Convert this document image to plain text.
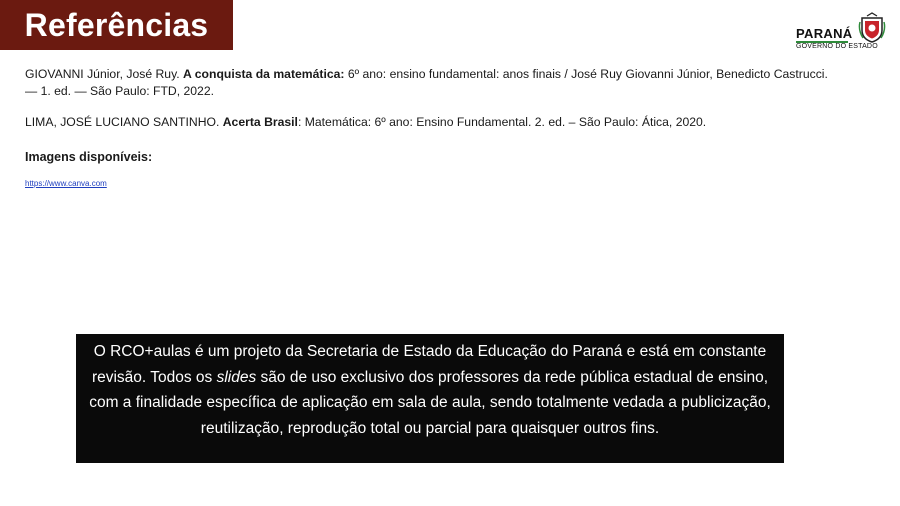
Referências	PARANÁ
GOVERNO DO ESTADO

GIOVANNI Júnior, José Ruy. A conquista da matemática: 6º ano: ensino fundamental: anos finais / José Ruy Giovanni Júnior, Benedicto Castrucci. — 1. ed. — São Paulo: FTD, 2022.

LIMA, JOSÉ LUCIANO SANTINHO. Acerta Brasil: Matemática: 6º ano: Ensino Fundamental. 2. ed. – São Paulo: Ática, 2020.

Imagens disponíveis:

https://www.canva.com
O RCO+aulas é um projeto da Secretaria de Estado da Educação do Paraná e está em constante revisão. Todos os slides são de uso exclusivo dos professores da rede pública estadual de ensino, com a finalidade específica de aplicação em sala de aula, sendo totalmente vedada a publicização, reutilização, reprodução total ou parcial para quaisquer outros fins.
